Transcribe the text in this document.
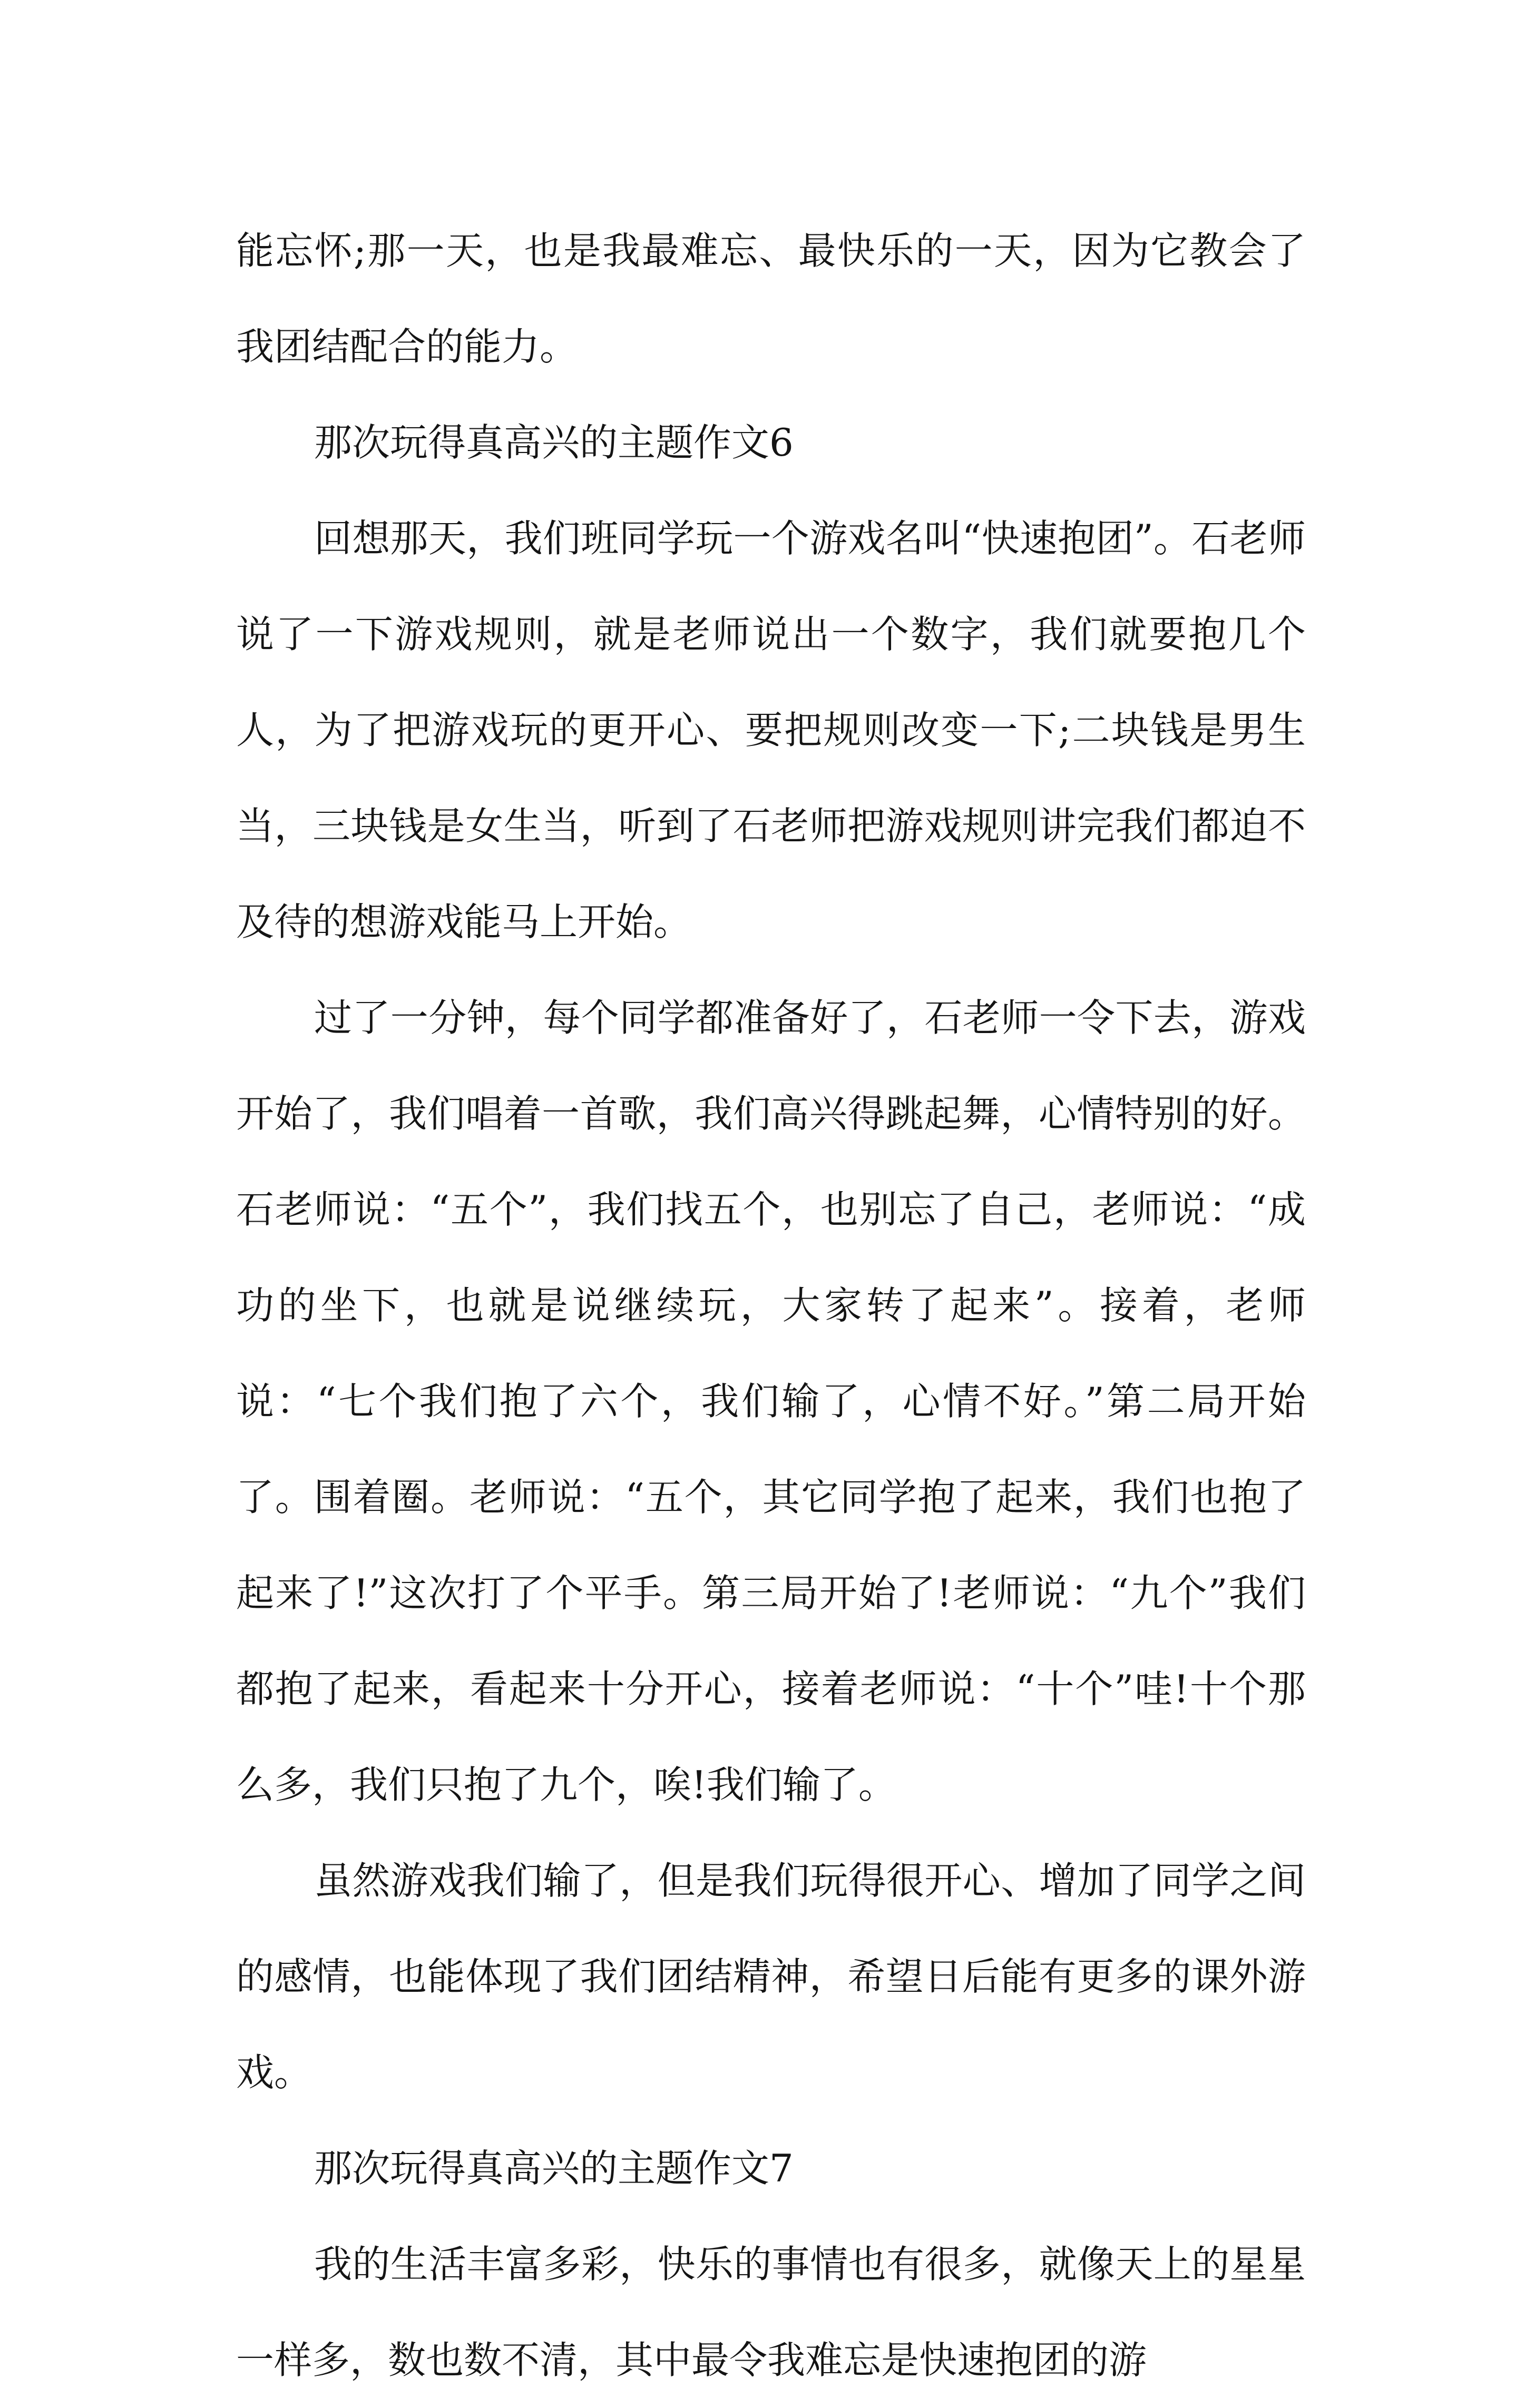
能忘怀;那一天，也是我最难忘、最快乐的一天，因为它教会了我团结配合的能力。

那次玩得真高兴的主题作文6

回想那天，我们班同学玩一个游戏名叫“快速抱团”。石老师说了一下游戏规则，就是老师说出一个数字，我们就要抱几个人，为了把游戏玩的更开心、要把规则改变一下;二块钱是男生当，三块钱是女生当，听到了石老师把游戏规则讲完我们都迫不及待的想游戏能马上开始。

过了一分钟，每个同学都准备好了，石老师一令下去，游戏开始了，我们唱着一首歌，我们高兴得跳起舞，心情特别的好。石老师说：“五个”，我们找五个，也别忘了自己，老师说：“成功的坐下，也就是说继续玩，大家转了起来”。接着，老师说：“七个我们抱了六个，我们输了，心情不好。”第二局开始了。围着圈。老师说：“五个，其它同学抱了起来，我们也抱了起来了!”这次打了个平手。第三局开始了!老师说：“九个”我们都抱了起来，看起来十分开心，接着老师说：“十个”哇!十个那么多，我们只抱了九个，唉!我们输了。

虽然游戏我们输了，但是我们玩得很开心、增加了同学之间的感情，也能体现了我们团结精神，希望日后能有更多的课外游戏。

那次玩得真高兴的主题作文7

我的生活丰富多彩，快乐的事情也有很多，就像天上的星星一样多，数也数不清，其中最令我难忘是快速抱团的游
